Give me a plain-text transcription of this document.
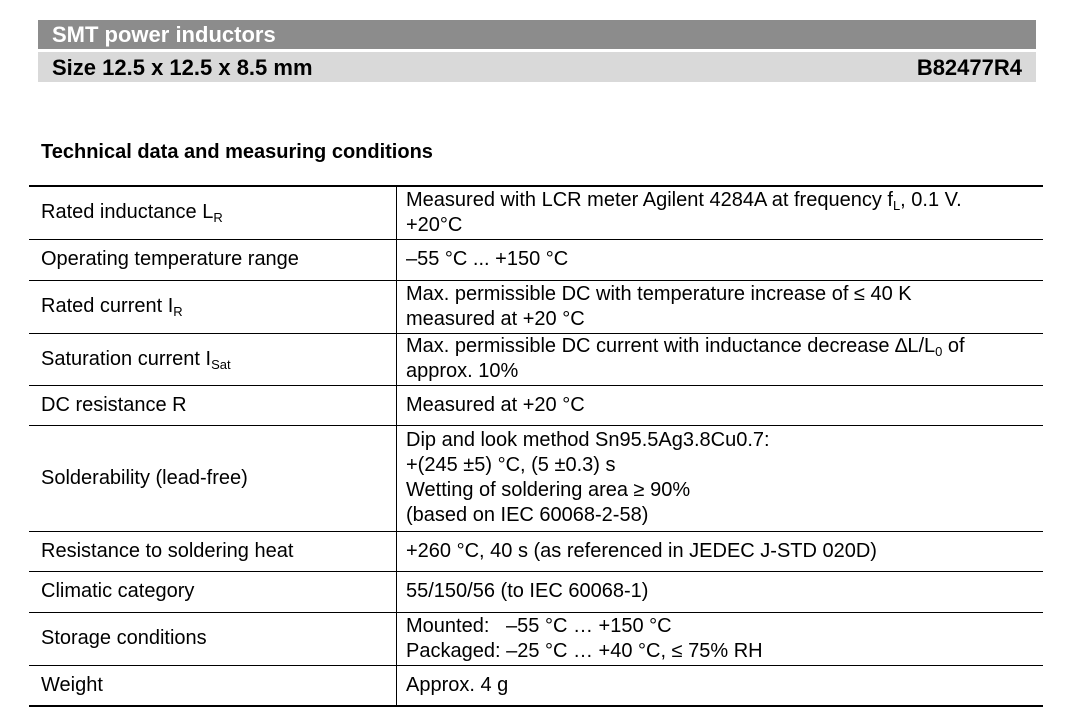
SMT power inductors
Size 12.5 x 12.5 x 8.5 mm	B82477R4
Technical data and measuring conditions
Rated inductance $L_R$	Measured with LCR meter Agilent 4284A at frequency $f_L$, 0.1 V.
+20°C

Operating temperature range	–55 °C ... +150 °C

Rated current $I_R$	Max. permissible DC with temperature increase of ≤ 40 K
measured at +20 °C

Saturation current $I_{Sat}$	Max. permissible DC current with inductance decrease $\Delta L/L_0$ of
approx. 10%

DC resistance R	Measured at +20 °C

Solderability (lead-free)	Dip and look method Sn95.5Ag3.8Cu0.7:
+(245 ±5) °C, (5 ±0.3) s
Wetting of soldering area ≥ 90%
(based on IEC 60068-2-58)

Resistance to soldering heat	+260 °C, 40 s (as referenced in JEDEC J-STD 020D)

Climatic category	55/150/56 (to IEC 60068-1)

Storage conditions	Mounted:   –55 °C … +150 °C
Packaged: –25 °C … +40 °C, ≤ 75% RH

Weight	Approx. 4 g
